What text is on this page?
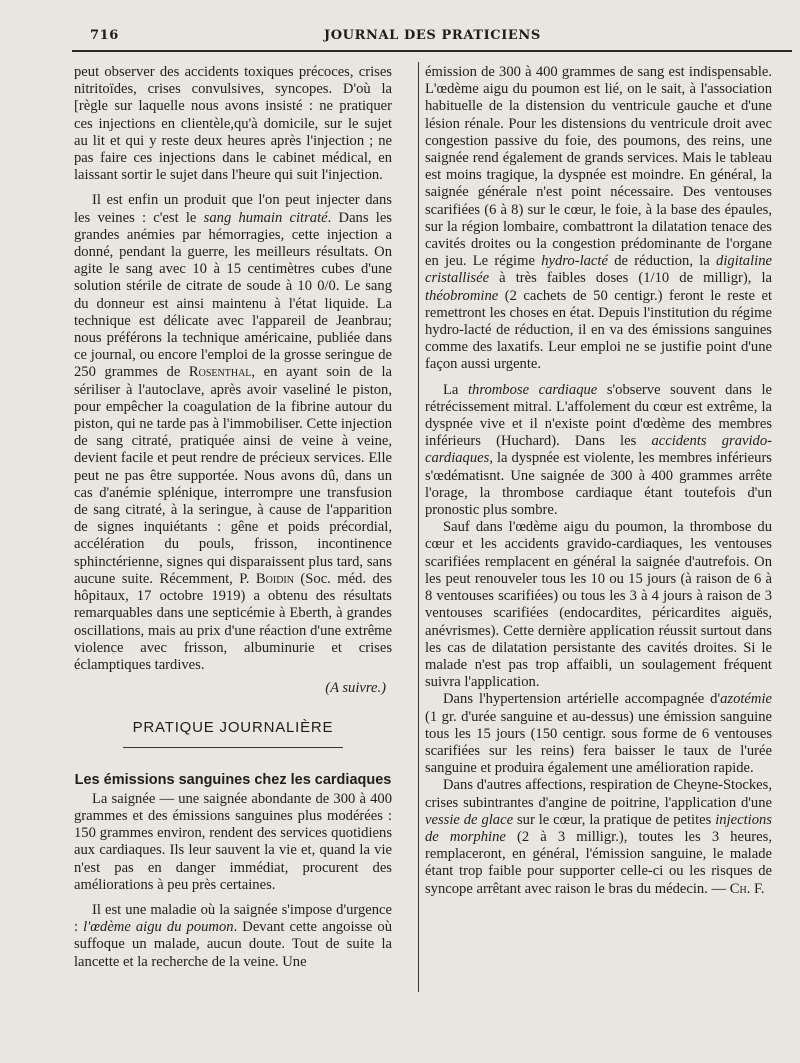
716	JOURNAL DES PRATICIENS

peut observer des accidents toxiques précoces, crises nitritoïdes, crises convulsives, syncopes. D'où la [règle sur laquelle nous avons insisté : ne pratiquer ces injections en clientèle,qu'à domicile, sur le sujet au lit et qui y reste deux heures après l'injection ; ne pas faire ces injections dans le cabinet médical, en laissant sortir le sujet dans l'heure qui suit l'injection.

Il est enfin un produit que l'on peut injecter dans les veines : c'est le sang humain citraté. Dans les grandes anémies par hémorragies, cette injection a donné, pendant la guerre, les meilleurs résultats. On agite le sang avec 10 à 15 centimètres cubes d'une solution stérile de citrate de soude à 10 0/0. Le sang du donneur est ainsi maintenu à l'état liquide. La technique est délicate avec l'appareil de Jeanbrau; nous préférons la technique américaine, publiée dans ce journal, ou encore l'emploi de la grosse seringue de 250 grammes de Rosenthal, en ayant soin de la sériliser à l'autoclave, après avoir vaseliné le piston, pour empêcher la coagulation de la fibrine autour du piston, qui ne tarde pas à l'immobiliser. Cette injection de sang citraté, pratiquée ainsi de veine à veine, devient facile et peut rendre de précieux services. Elle peut ne pas être supportée. Nous avons dû, dans un cas d'anémie splénique, interrompre une transfusion de sang citraté, à la seringue, à cause de l'apparition de signes inquiétants : gêne et poids précordial, accélération du pouls, frisson, incontinence sphinctérienne, signes qui disparaissent plus tard, sans aucune suite. Récemment, P. Boidin (Soc. méd. des hôpitaux, 17 octobre 1919) a obtenu des résultats remarquables dans une septicémie à Eberth, à grandes oscillations, mais au prix d'une réaction d'une extrême violence avec frisson, albuminurie et crises éclamptiques tardives.

(A suivre.)

PRATIQUE JOURNALIÈRE

Les émissions sanguines chez les cardiaques

La saignée — une saignée abondante de 300 à 400 grammes et des émissions sanguines plus modérées : 150 grammes environ, rendent des services quotidiens aux cardiaques. Ils leur sauvent la vie et, quand la vie n'est pas en danger immédiat, procurent des améliorations à peu près certaines.

Il est une maladie où la saignée s'impose d'urgence : l'œdème aigu du poumon. Devant cette angoisse où suffoque un malade, aucun doute. Tout de suite la lancette et la recherche de la veine. Une

émission de 300 à 400 grammes de sang est indispensable. L'œdème aigu du poumon est lié, on le sait, à l'association habituelle de la distension du ventricule gauche et d'une lésion rénale. Pour les distensions du ventricule droit avec congestion passive du foie, des poumons, des reins, une saignée rend également de grands services. Mais le tableau est moins tragique, la dyspnée est moindre. En général, la saignée générale n'est point nécessaire. Des ventouses scarifiées (6 à 8) sur le cœur, le foie, à la base des épaules, sur la région lombaire, combattront la dilatation tenace des cavités droites ou la congestion prédominante de l'organe en jeu. Le régime hydro-lacté de réduction, la digitaline cristallisée à très faibles doses (1/10 de milligr), la théobromine (2 cachets de 50 centigr.) feront le reste et remettront les choses en état. Depuis l'institution du régime hydro-lacté de réduction, il en va des émissions sanguines comme des laxatifs. Leur emploi ne se justifie point d'une façon aussi urgente.

La thrombose cardiaque s'observe souvent dans le rétrécissement mitral. L'affolement du cœur est extrême, la dyspnée vive et il n'existe point d'œdème des membres inférieurs (Huchard). Dans les accidents gravido-cardiaques, la dyspnée est violente, les membres inférieurs s'œdématisnt. Une saignée de 300 à 400 grammes arrête l'orage, la thrombose cardiaque étant toutefois d'un pronostic plus sombre.

Sauf dans l'œdème aigu du poumon, la thrombose du cœur et les accidents gravido-cardiaques, les ventouses scarifiées remplacent en général la saignée d'autrefois. On les peut renouveler tous les 10 ou 15 jours (à raison de 6 à 8 ventouses scarifiées) ou tous les 3 à 4 jours à raison de 3 ventouses scarifiées (endocardites, péricardites aiguës, anévrismes). Cette dernière application réussit surtout dans les cas de dilatation persistante des cavités droites. Si le malade n'est pas trop affaibli, un soulagement fréquent suivra l'application.

Dans l'hypertension artérielle accompagnée d'azotémie (1 gr. d'urée sanguine et au-dessus) une émission sanguine tous les 15 jours (150 centigr. sous forme de 6 ventouses scarifiées sur les reins) fera baisser le taux de l'urée sanguine et produira également une amélioration rapide.

Dans d'autres affections, respiration de Cheyne-Stockes, crises subintrantes d'angine de poitrine, l'application d'une vessie de glace sur le cœur, la pratique de petites injections de morphine (2 à 3 milligr.), toutes les 3 heures, remplaceront, en général, l'émission sanguine, le malade étant trop faible pour supporter celle-ci ou les risques de syncope arrêtant avec raison le bras du médecin. — Ch. F.
